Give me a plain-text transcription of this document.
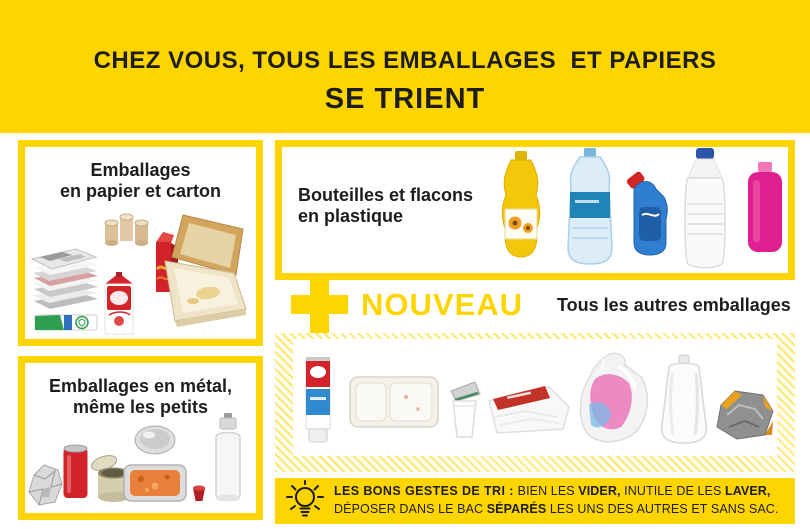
CHEZ VOUS, TOUS LES EMBALLAGES  ET PAPIERS
SE TRIENT
Emballages
en papier et carton
Emballages en métal,
même les petits
Bouteilles et flacons
en plastique
NOUVEAU Tous les autres emballages
LES BONS GESTES DE TRI : BIEN LES VIDER, INUTILE DE LES LAVER,
DÉPOSER DANS LE BAC SÉPARÉS LES UNS DES AUTRES ET SANS SAC.
